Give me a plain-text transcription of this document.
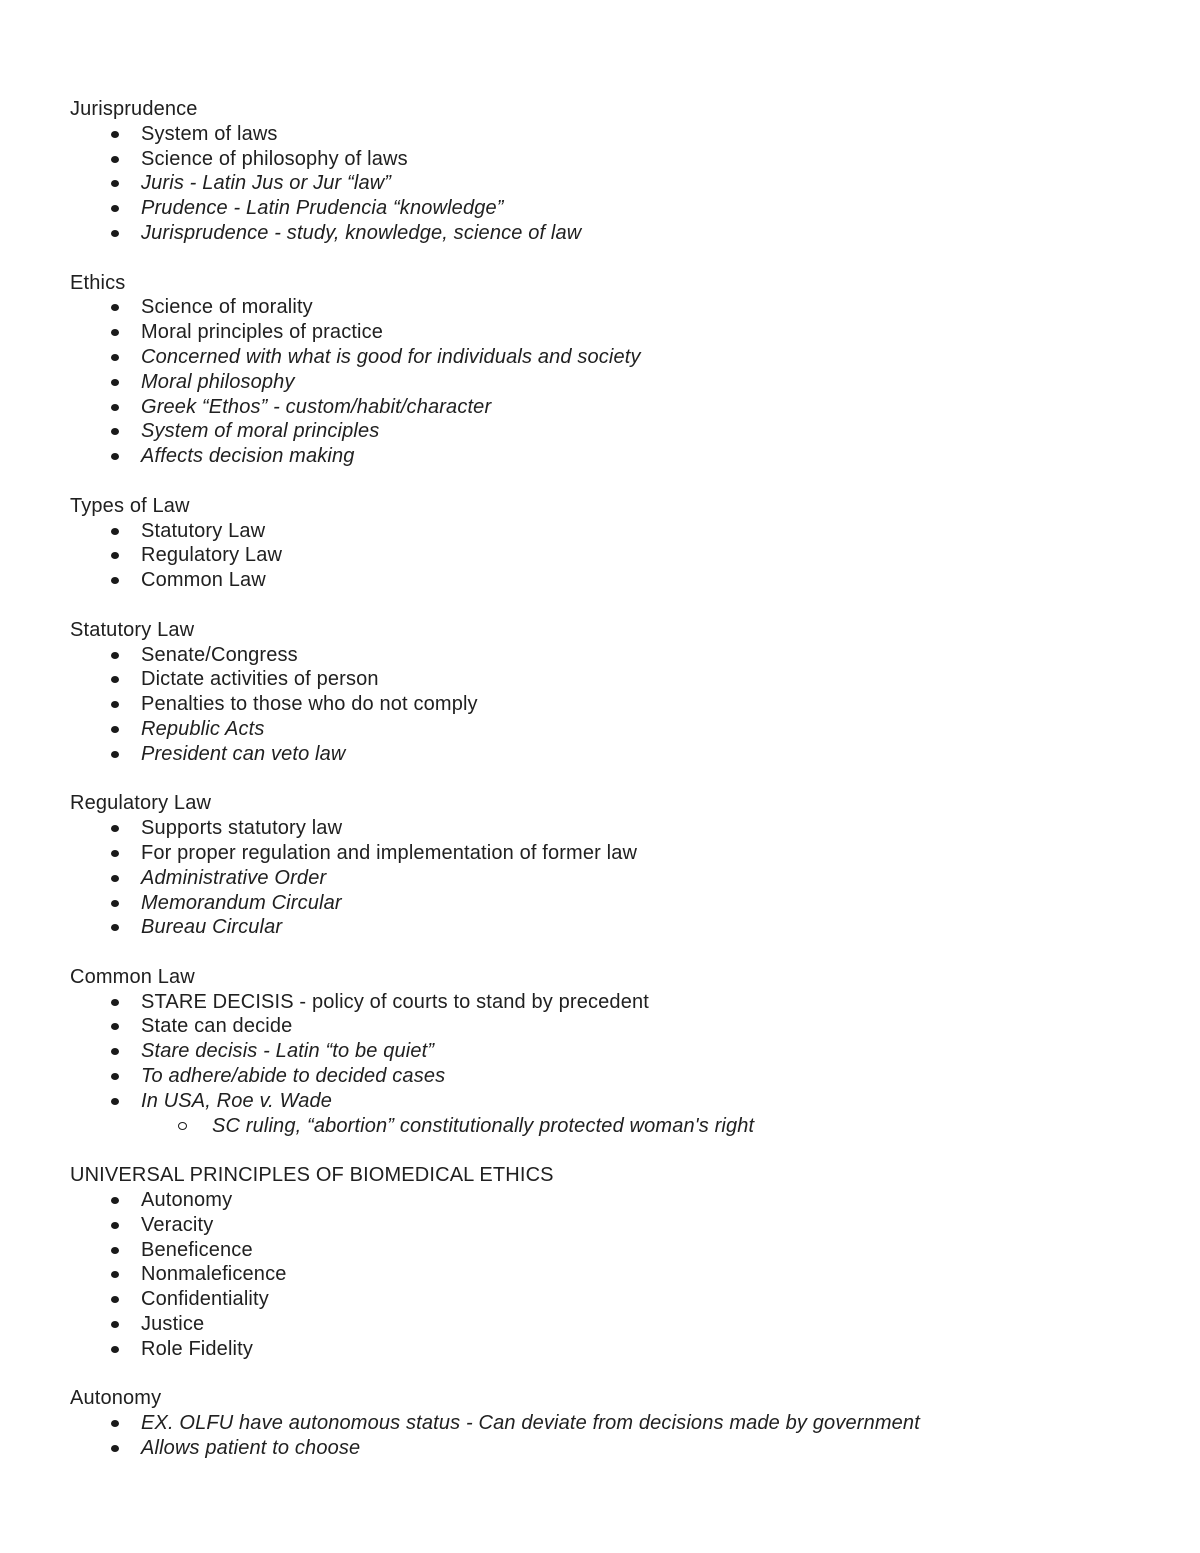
Jurisprudence
System of laws
Science of philosophy of laws
Juris - Latin Jus or Jur “law”
Prudence - Latin Prudencia “knowledge”
Jurisprudence - study, knowledge, science of law
Ethics
Science of morality
Moral principles of practice
Concerned with what is good for individuals and society
Moral philosophy
Greek “Ethos” - custom/habit/character
System of moral principles
Affects decision making
Types of Law
Statutory Law
Regulatory Law
Common Law
Statutory Law
Senate/Congress
Dictate activities of person
Penalties to those who do not comply
Republic Acts
President can veto law
Regulatory Law
Supports statutory law
For proper regulation and implementation of former law
Administrative Order
Memorandum Circular
Bureau Circular
Common Law
STARE DECISIS - policy of courts to stand by precedent
State can decide
Stare decisis - Latin “to be quiet”
To adhere/abide to decided cases
In USA, Roe v. Wade
SC ruling, “abortion” constitutionally protected woman's right
UNIVERSAL PRINCIPLES OF BIOMEDICAL ETHICS
Autonomy
Veracity
Beneficence
Nonmaleficence
Confidentiality
Justice
Role Fidelity
Autonomy
EX. OLFU have autonomous status - Can deviate from decisions made by government
Allows patient to choose
